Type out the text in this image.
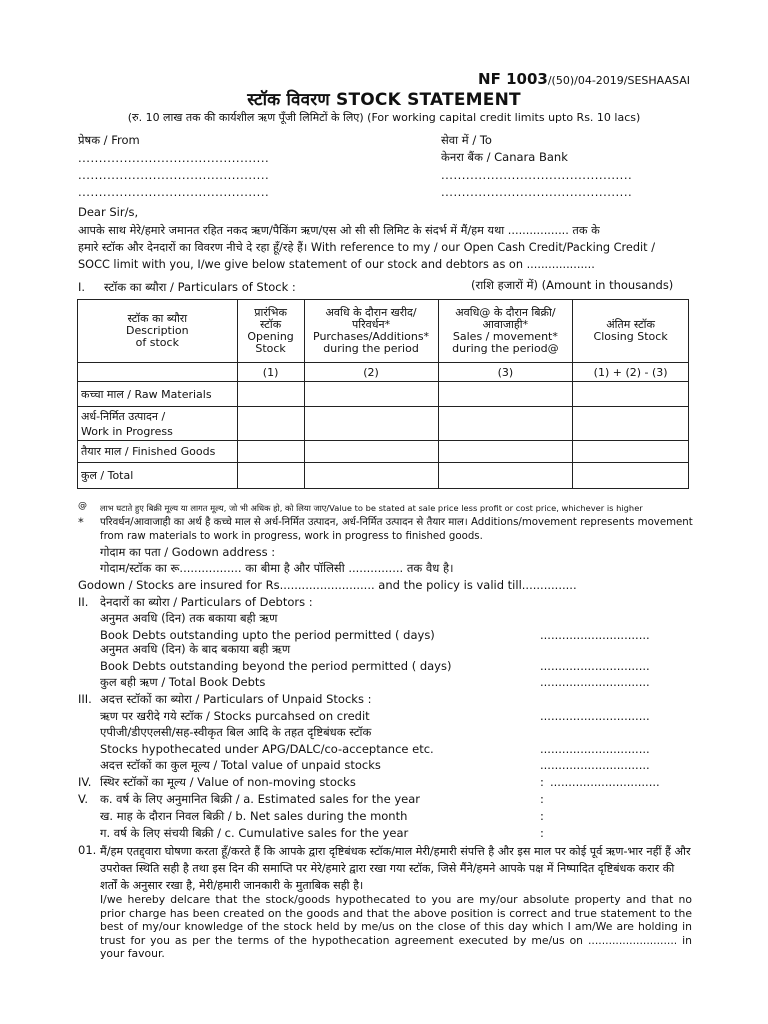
NF 1003/(50)/04-2019/SESHAASAI
स्टॉक विवरण STOCK STATEMENT
(रु. 10 लाख तक की कार्यशील ऋण पूँजी लिमिटों के लिए) (For working capital credit limits upto Rs. 10 lacs)
प्रेषक / From	सेवा में / To
..............................................	केनरा बैंक / Canara Bank
..............................................	..............................................
..............................................	..............................................
Dear Sir/s,
आपके साथ मेरे/हमारे जमानत रहित नकद ऋण/पैकिंग ऋण/एस ओ सी सी लिमिट के संदर्भ में मैं/हम यथा ................. तक के
हमारे स्टॉक और देनदारों का विवरण नीचे दे रहा हूँ/रहे हैं। With reference to my / our Open Cash Credit/Packing Credit /
SOCC limit with you, I/we give below statement of our stock and debtors as on ...................
I. स्टॉक का ब्यौरा / Particulars of Stock :	(राशि हजारों में) (Amount in thousands)
स्टॉक का ब्यौरा
Description
of stock	प्रारंभिक
स्टॉक
Opening
Stock	अवधि के दौरान खरीद/
परिवर्धन*
Purchases/Additions*
during the period	अवधि@ के दौरान बिक्री/
आवाजाही*
Sales / movement*
during the period@	अंतिम स्टॉक
Closing Stock

	(1)	(2)	(3)	(1) + (2) - (3)
कच्चा माल / Raw Materials				

अर्ध-निर्मित उत्पादन /
Work in Progress				

तैयार माल / Finished Goods				
कुल / Total				
@ लाभ घटाते हुए बिक्री मूल्य या लागत मूल्य, जो भी अधिक हो, को लिया जाए/Value to be stated at sale price less profit or cost price, whichever is higher
* परिवर्धन/आवाजाही का अर्थ है कच्चे माल से अर्ध-निर्मित उत्पादन, अर्ध-निर्मित उत्पादन से तैयार माल। Additions/movement represents movement from raw materials to work in progress, work in progress to finished goods.
गोदाम का पता / Godown address :
गोदाम/स्टॉक का रू................. का बीमा है और पॉलिसी ............... तक वैध है।
Godown / Stocks are insured for Rs.......................... and the policy is valid till...............
II. देनदारों का ब्योरा / Particulars of Debtors :
अनुमत अवधि (दिन) तक बकाया बही ऋण
Book Debts outstanding upto the period permitted ( days)	..............................
अनुमत अवधि (दिन) के बाद बकाया बही ऋण
Book Debts outstanding beyond the period permitted ( days)	..............................
कुल बही ऋण / Total Book Debts	..............................
III. अदत्त स्टॉकों का ब्योरा / Particulars of Unpaid Stocks :
ऋण पर खरीदे गये स्टॉक / Stocks purcahsed on credit	..............................
एपीजी/डीएएलसी/सह-स्वीकृत बिल आदि के तहत दृष्टिबंधक स्टॉक
Stocks hypothecated under APG/DALC/co-acceptance etc.	..............................
अदत्त स्टॉकों का कुल मूल्य / Total value of unpaid stocks	..............................
IV. स्थिर स्टॉकों का मूल्य / Value of non-moving stocks	: ..............................
V. क. वर्ष के लिए अनुमानित बिक्री / a. Estimated sales for the year	:
ख. माह के दौरान निवल बिक्री / b. Net sales during the month	:
ग. वर्ष के लिए संचयी बिक्री / c. Cumulative sales for the year	:
01. मैं/हम एतद्द्वारा घोषणा करता हूँ/करते हैं कि आपके द्वारा दृष्टिबंधक स्टॉक/माल मेरी/हमारी संपत्ति है और इस माल पर कोई पूर्व ऋण-भार नहीं हैं और उपरोक्त स्थिति सही है तथा इस दिन की समाप्ति पर मेरे/हमारे द्वारा रखा गया स्टॉक, जिसे मैंने/हमने आपके पक्ष में निष्पादित दृष्टिबंधक करार की शर्तों के अनुसार रखा है, मेरी/हमारी जानकारी के मुताबिक सही है।
I/we hereby delcare that the stock/goods hypothecated to you are my/our absolute property and that no prior charge has been created on the goods and that the above position is correct and true statement to the best of my/our knowledge of the stock held by me/us on the close of this day which I am/We are holding in trust for you as per the terms of the hypothecation agreement executed by me/us on .......................... in your favour.
